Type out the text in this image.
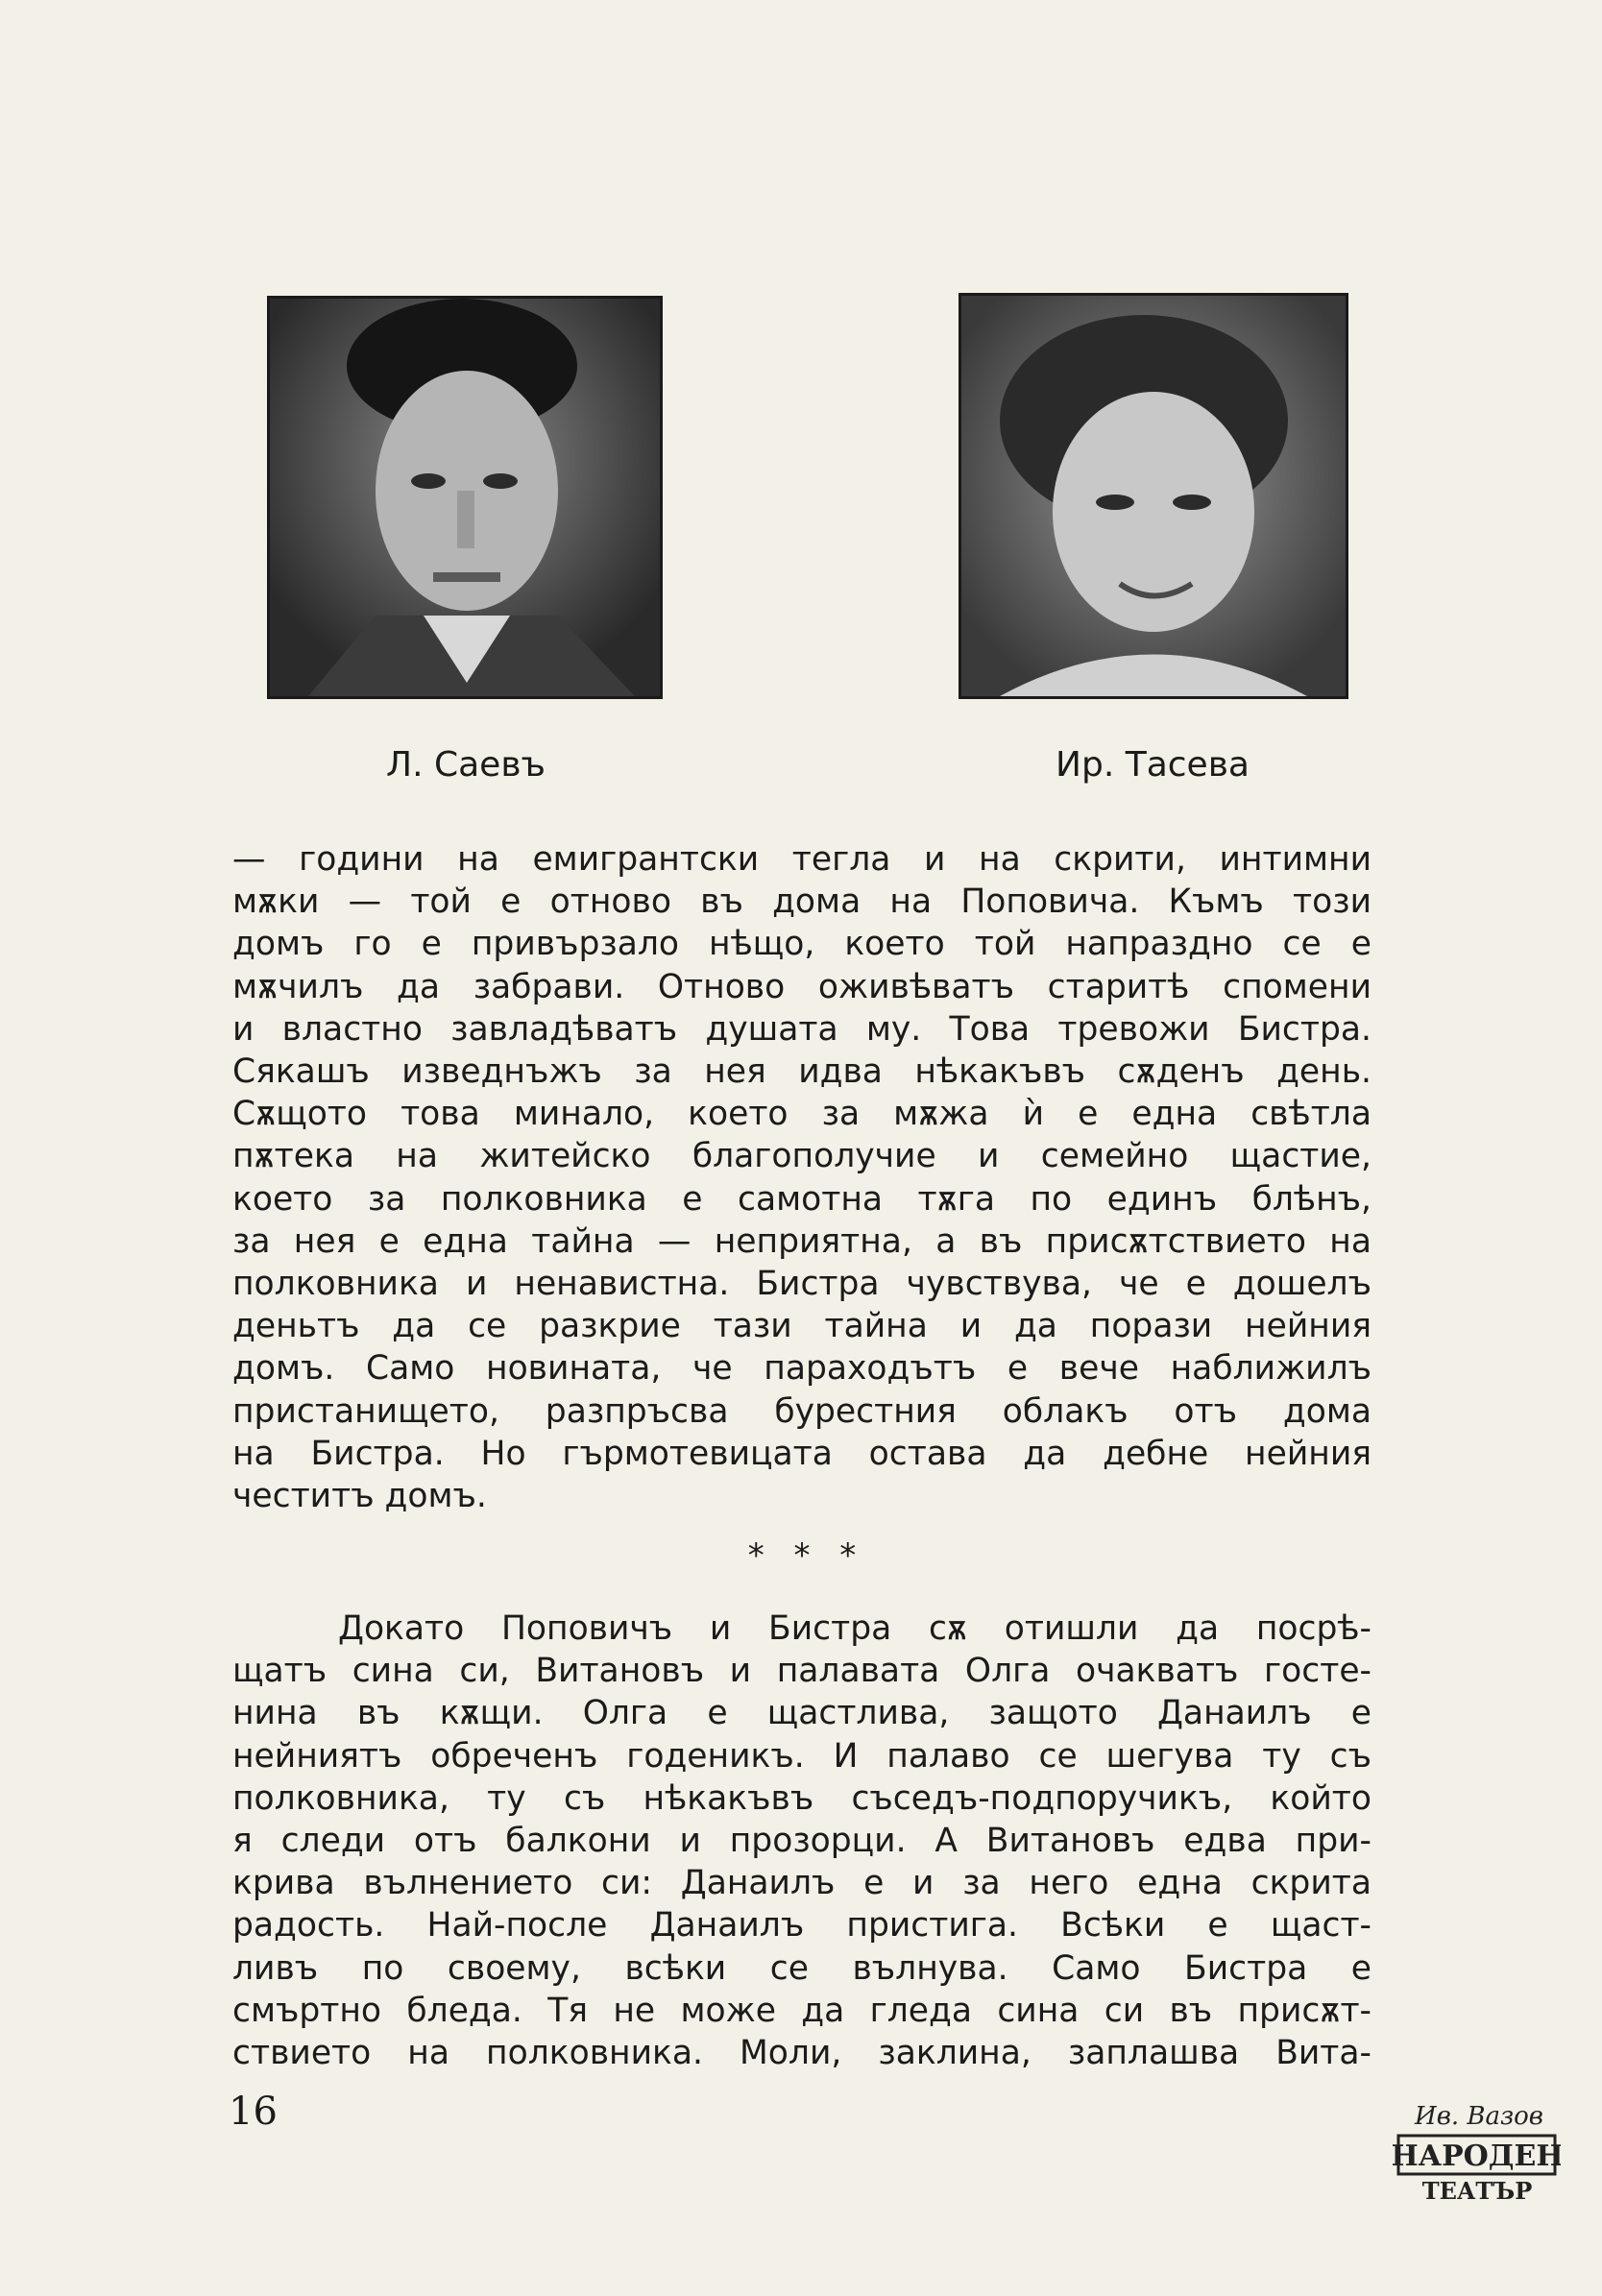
Л. Саевъ	Ир. Тасева
— години на емигрантски тегла и на скрити, интимни
мѫки — той е отново въ дома на Поповича. Къмъ този
домъ го е привързало нѣщо, което той напраздно се е
мѫчилъ да забрави. Отново оживѣватъ старитѣ спомени
и властно завладѣватъ душата му. Това тревожи Бистра.
Сякашъ изведнъжъ за нея идва нѣкакъвъ сѫденъ день.
Сѫщото това минало, което за мѫжа ѝ е една свѣтла
пѫтека на житейско благополучие и семейно щастие,
което за полковника е самотна тѫга по единъ блѣнъ,
за нея е една тайна — неприятна, а въ присѫтствието на
полковника и ненавистна. Бистра чувствува, че е дошелъ
деньтъ да се разкрие тази тайна и да порази нейния
домъ. Само новината, че параходътъ е вече наближилъ
пристанището, разпръсва бурестния облакъ отъ дома
на Бистра. Но гърмотевицата остава да дебне нейния
честитъ домъ.
* * *
Докато Поповичъ и Бистра сѫ отишли да посрѣ-
щатъ сина си, Витановъ и палавата Олга очакватъ госте-
нина въ кѫщи. Олга е щастлива, защото Данаилъ е
нейниятъ обреченъ годеникъ. И палаво се шегува ту съ
полковника, ту съ нѣкакъвъ съседъ-подпоручикъ, който
я следи отъ балкони и прозорци. А Витановъ едва при-
крива вълнението си: Данаилъ е и за него една скрита
радость. Най-после Данаилъ пристига. Всѣки е щаст-
ливъ по своему, всѣки се вълнува. Само Бистра е
смъртно бледа. Тя не може да гледа сина си въ присѫт-
ствието на полковника. Моли, заклина, заплашва Вита-
16	Ив. Вазов
НАРОДЕН
ТЕАТЪР
